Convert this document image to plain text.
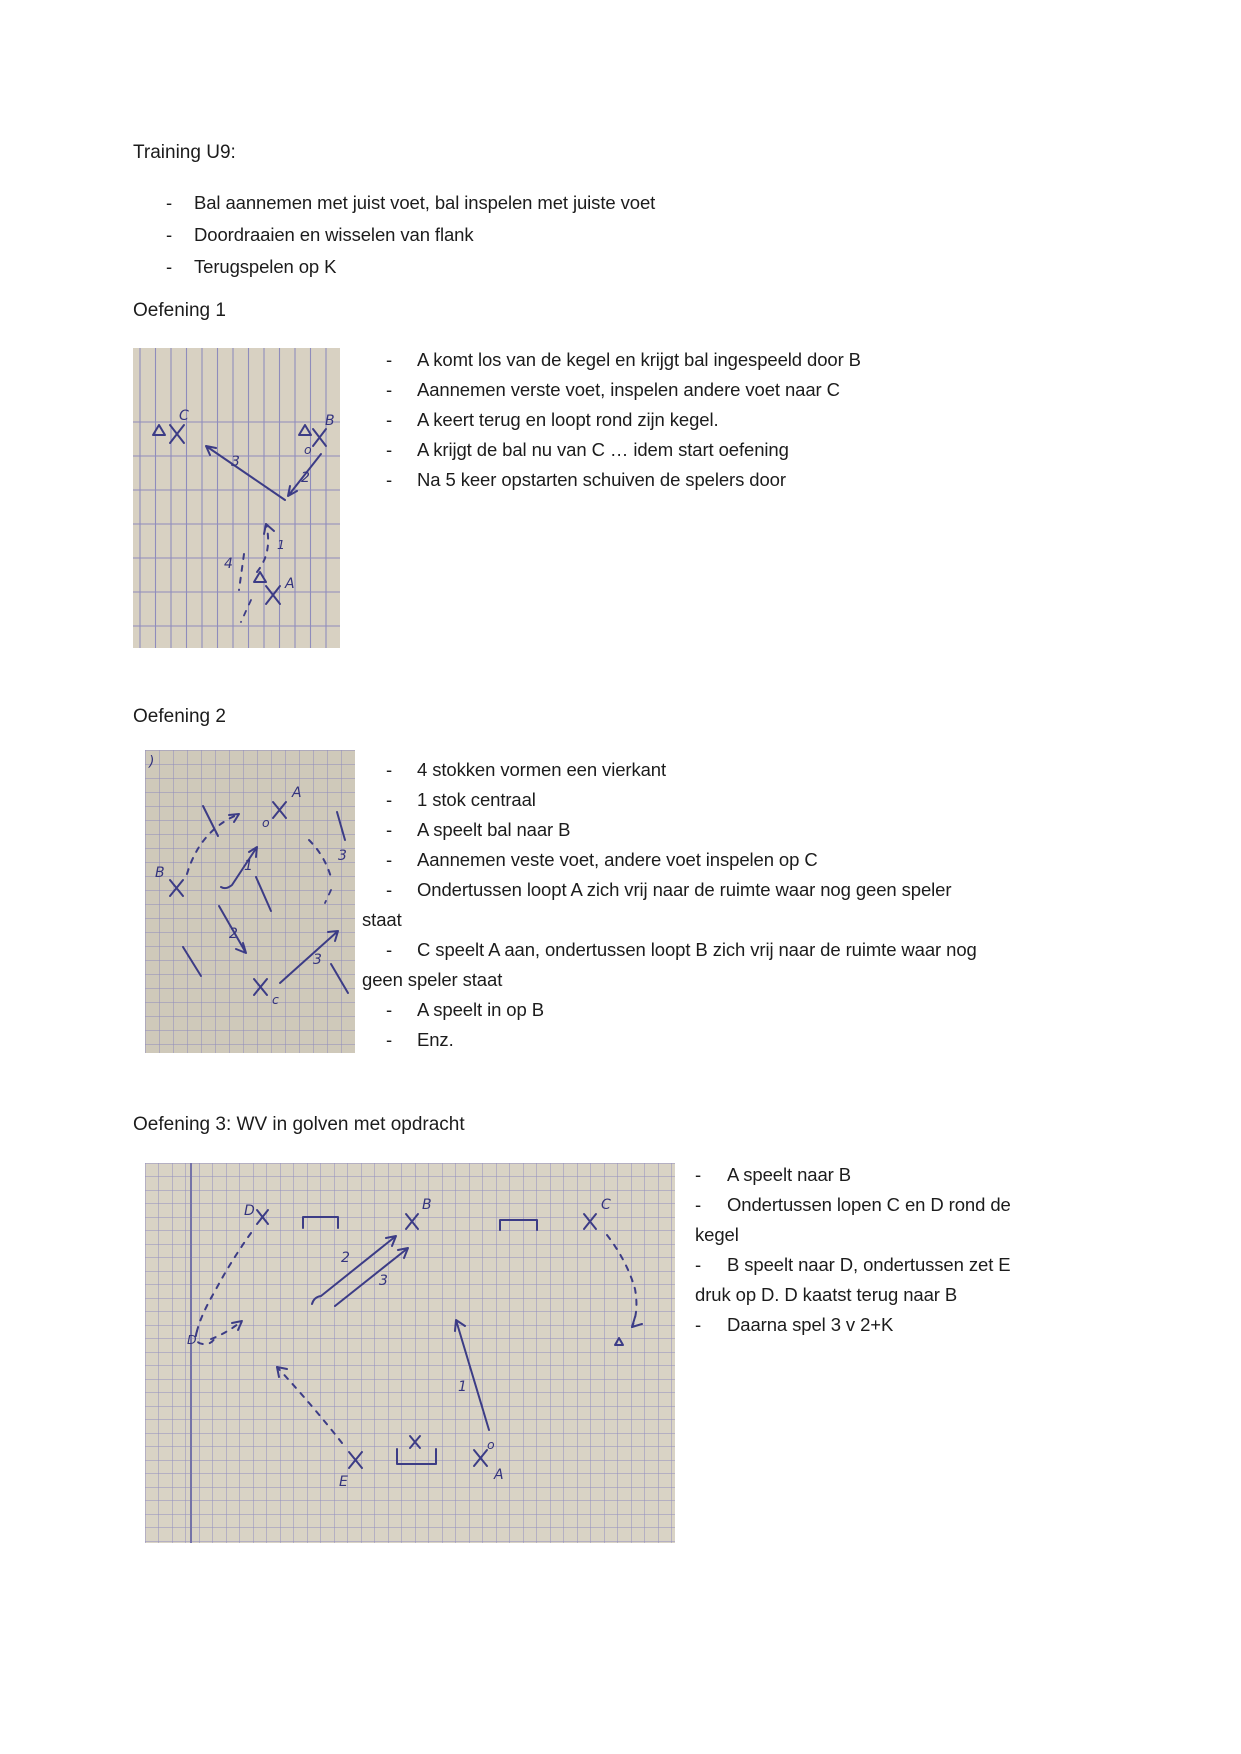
Training U9:
- Bal aannemen met juist voet, bal inspelen met juiste voet
- Doordraaien en wisselen van flank
- Terugspelen op K
Oefening 1
C	B
o
2
3
1
4
A
- A komt los van de kegel en krijgt bal ingespeeld door B
- Aannemen verste voet, inspelen andere voet naar C
- A keert terug en loopt rond zijn kegel.
- A krijgt de bal nu van C … idem start oefening
- Na 5 keer opstarten schuiven de spelers door
Oefening 2
)
A
o
B
c
1
2
3
3
- 4 stokken vormen een vierkant
- 1 stok centraal
- A speelt bal naar B
- Aannemen veste voet, andere voet inspelen op C
- Ondertussen loopt A zich vrij naar de ruimte waar nog geen speler
staat
- C speelt A aan, ondertussen loopt B zich vrij naar de ruimte waar nog
geen speler staat
- A speelt in op B
- Enz.
Oefening 3: WV in golven met opdracht
D	B	C
2
3
D
E
o
A
1
- A speelt naar B
- Ondertussen lopen C en D rond de
kegel
- B speelt naar D, ondertussen zet E
druk op D. D kaatst terug naar B
- Daarna spel 3 v 2+K
